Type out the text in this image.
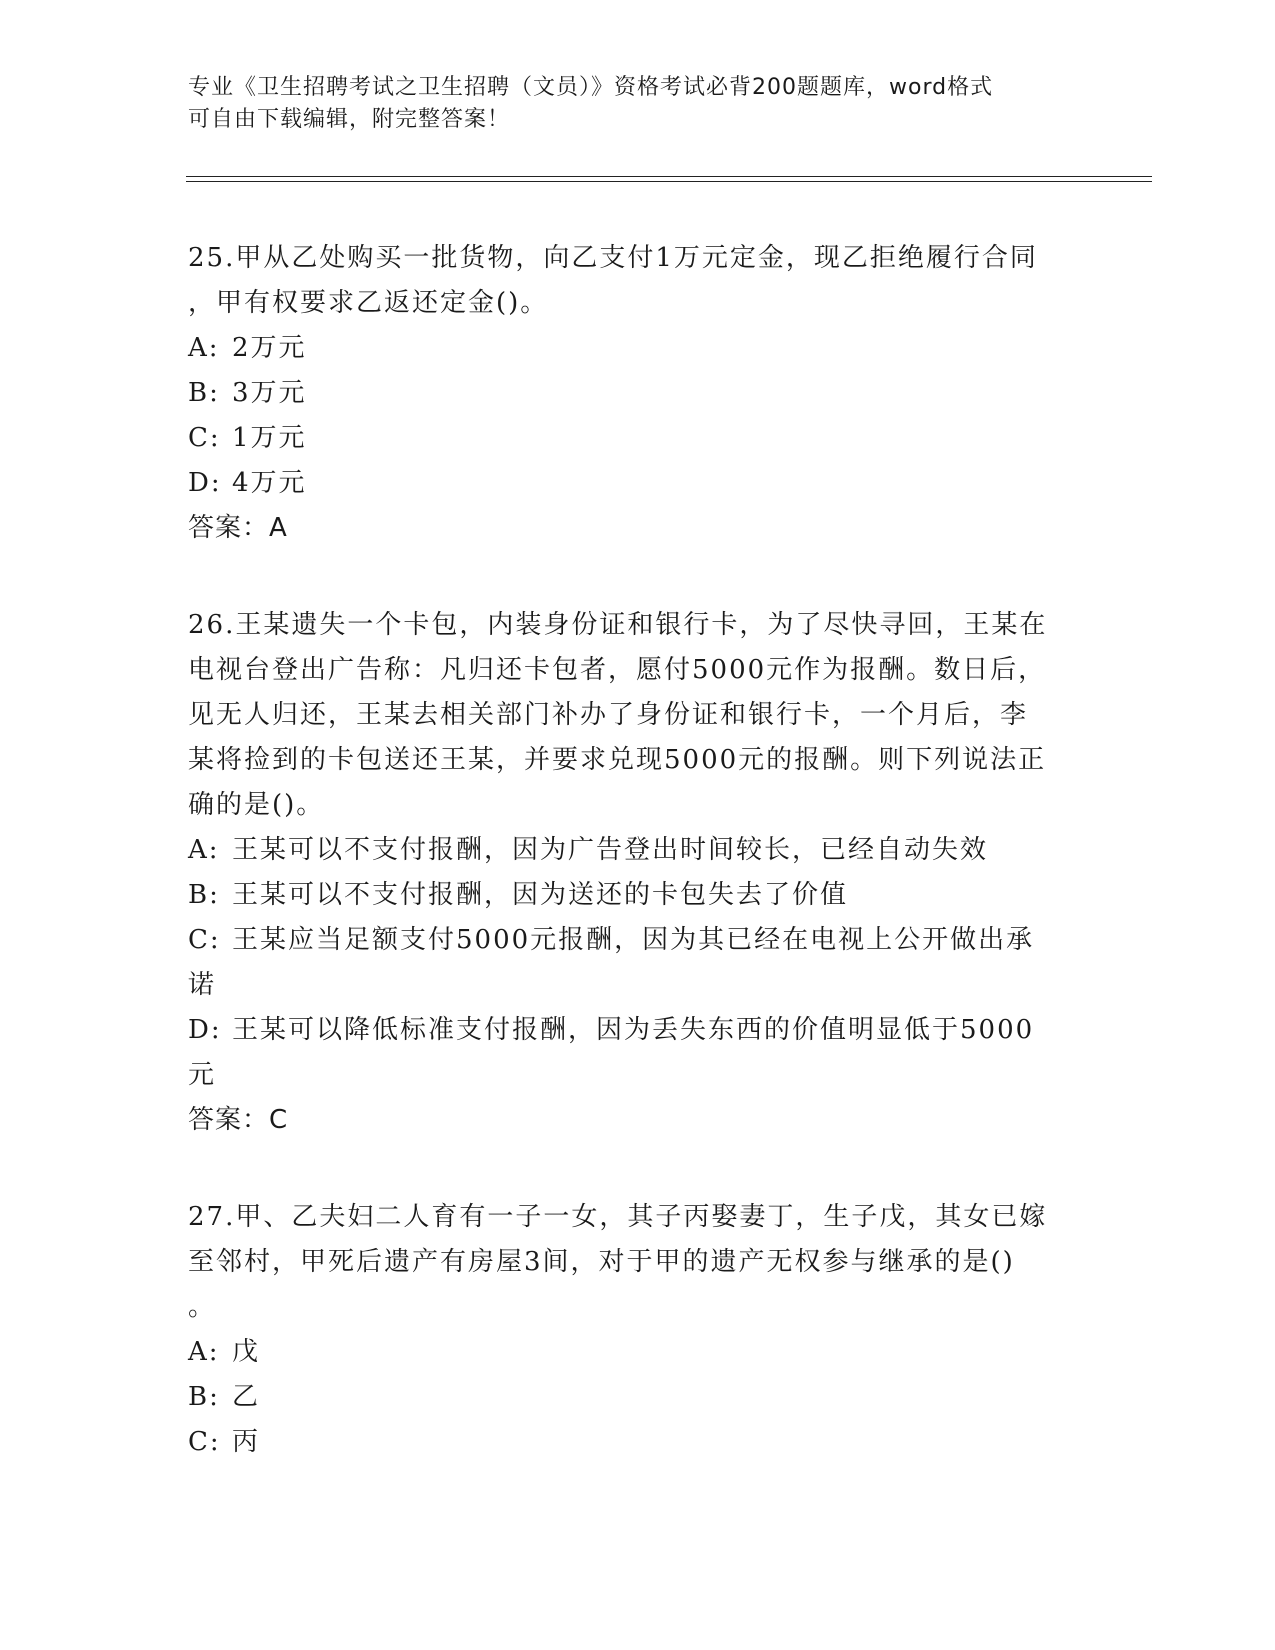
专业《卫生招聘考试之卫生招聘（文员）》资格考试必背200题题库，word格式
可自由下载编辑，附完整答案！
25.甲从乙处购买一批货物，向乙支付1万元定金，现乙拒绝履行合同
，甲有权要求乙返还定金()。
A: 2万元
B: 3万元
C: 1万元
D: 4万元
答案：A
26.王某遗失一个卡包，内装身份证和银行卡，为了尽快寻回，王某在
电视台登出广告称：凡归还卡包者，愿付5000元作为报酬。数日后，
见无人归还，王某去相关部门补办了身份证和银行卡，一个月后，李
某将捡到的卡包送还王某，并要求兑现5000元的报酬。则下列说法正
确的是()。
A: 王某可以不支付报酬，因为广告登出时间较长，已经自动失效
B: 王某可以不支付报酬，因为送还的卡包失去了价值
C: 王某应当足额支付5000元报酬，因为其已经在电视上公开做出承
诺
D: 王某可以降低标准支付报酬，因为丢失东西的价值明显低于5000
元
答案：C
27.甲、乙夫妇二人育有一子一女，其子丙娶妻丁，生子戊，其女已嫁
至邻村，甲死后遗产有房屋3间，对于甲的遗产无权参与继承的是()
。
A: 戊
B: 乙
C: 丙
